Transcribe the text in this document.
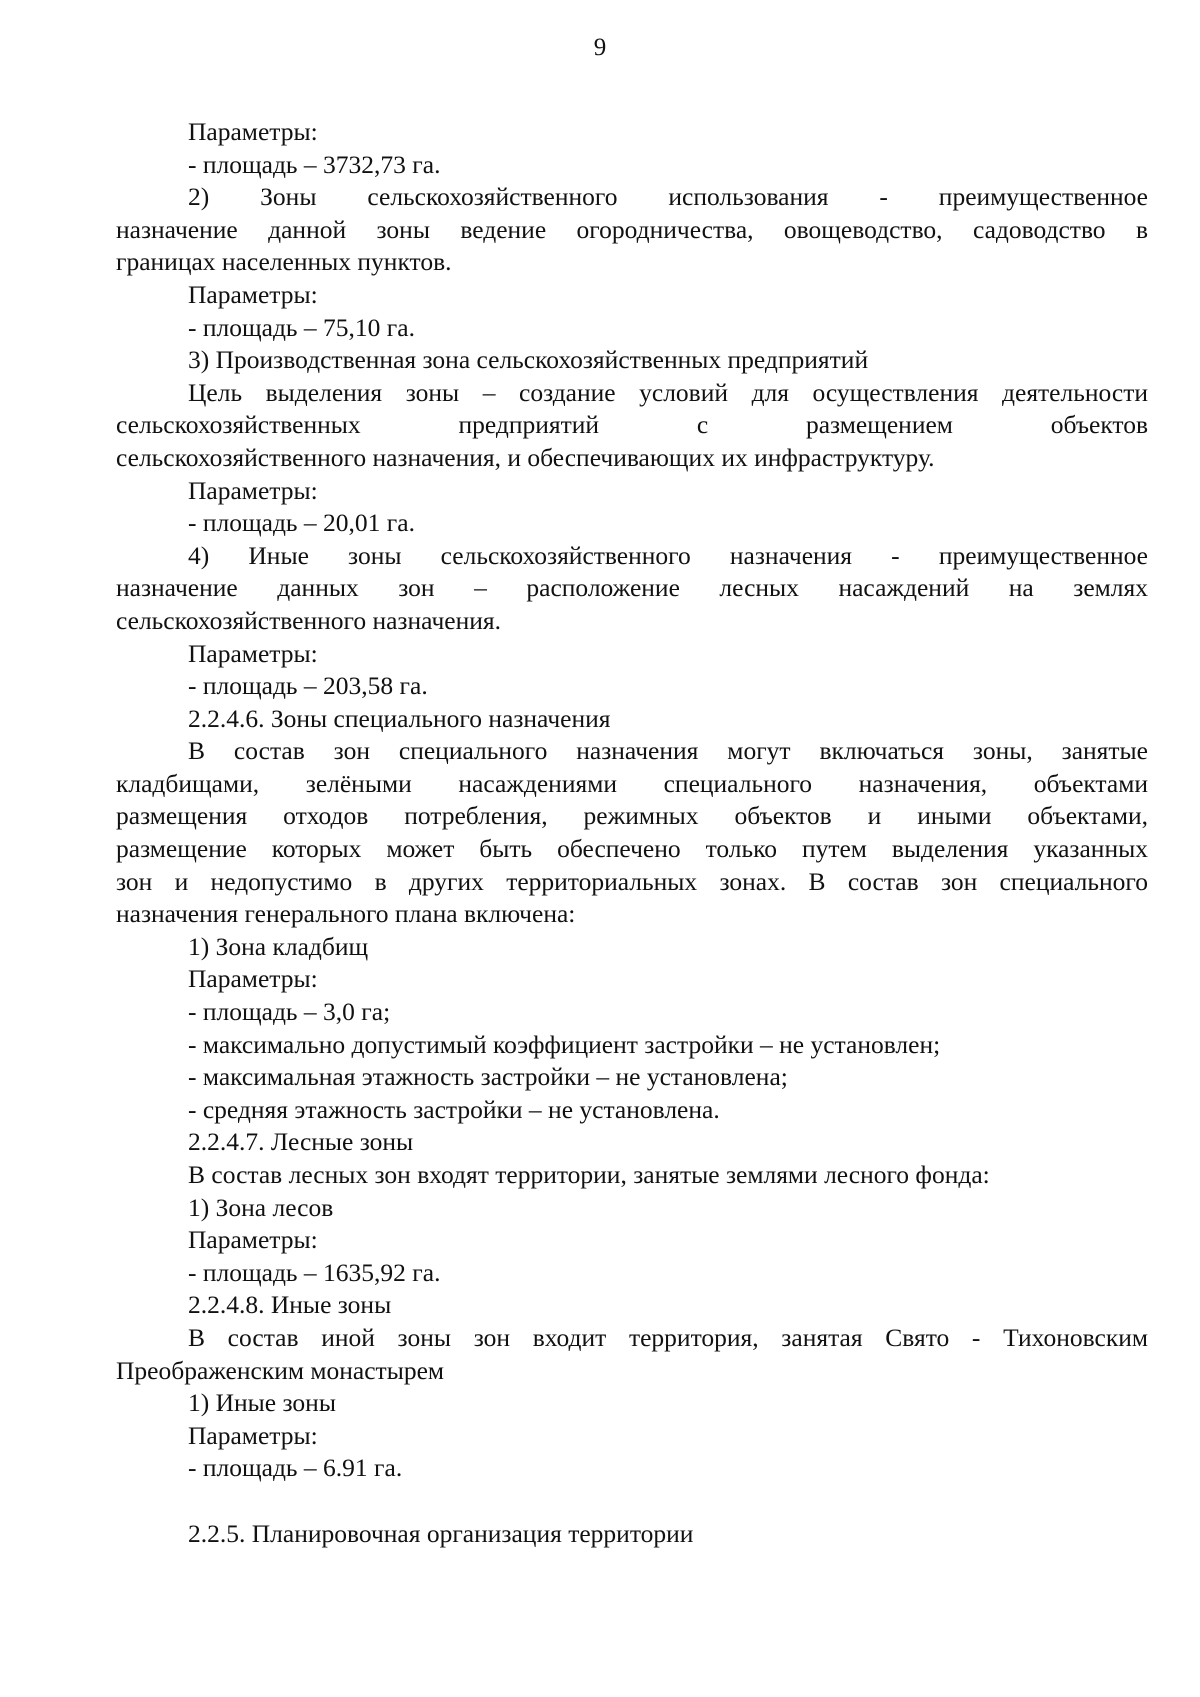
9
Параметры:
- площадь – 3732,73 га.
2) Зоны сельскохозяйственного использования - преимущественное
назначение данной зоны ведение огородничества, овощеводство, садоводство в
границах населенных пунктов.
Параметры:
- площадь – 75,10 га.
3) Производственная зона сельскохозяйственных предприятий
Цель выделения зоны – создание условий для осуществления деятельности
сельскохозяйственных предприятий с размещением объектов
сельскохозяйственного назначения, и обеспечивающих их инфраструктуру.
Параметры:
- площадь – 20,01 га.
4) Иные зоны сельскохозяйственного назначения - преимущественное
назначение данных зон – расположение лесных насаждений на землях
сельскохозяйственного назначения.
Параметры:
- площадь – 203,58 га.
2.2.4.6. Зоны специального назначения
В состав зон специального назначения могут включаться зоны, занятые
кладбищами, зелёными насаждениями специального назначения, объектами
размещения отходов потребления, режимных объектов и иными объектами,
размещение которых может быть обеспечено только путем выделения указанных
зон и недопустимо в других территориальных зонах. В состав зон специального
назначения генерального плана включена:
1) Зона кладбищ
Параметры:
- площадь – 3,0 га;
- максимально допустимый коэффициент застройки – не установлен;
- максимальная этажность застройки – не установлена;
- средняя этажность застройки – не установлена.
2.2.4.7. Лесные зоны
В состав лесных зон входят территории, занятые землями лесного фонда:
1) Зона лесов
Параметры:
- площадь – 1635,92 га.
2.2.4.8. Иные зоны
В состав иной зоны зон входит территория, занятая Свято - Тихоновским
Преображенским монастырем
1) Иные зоны
Параметры:
- площадь – 6.91 га.
2.2.5. Планировочная организация территории
